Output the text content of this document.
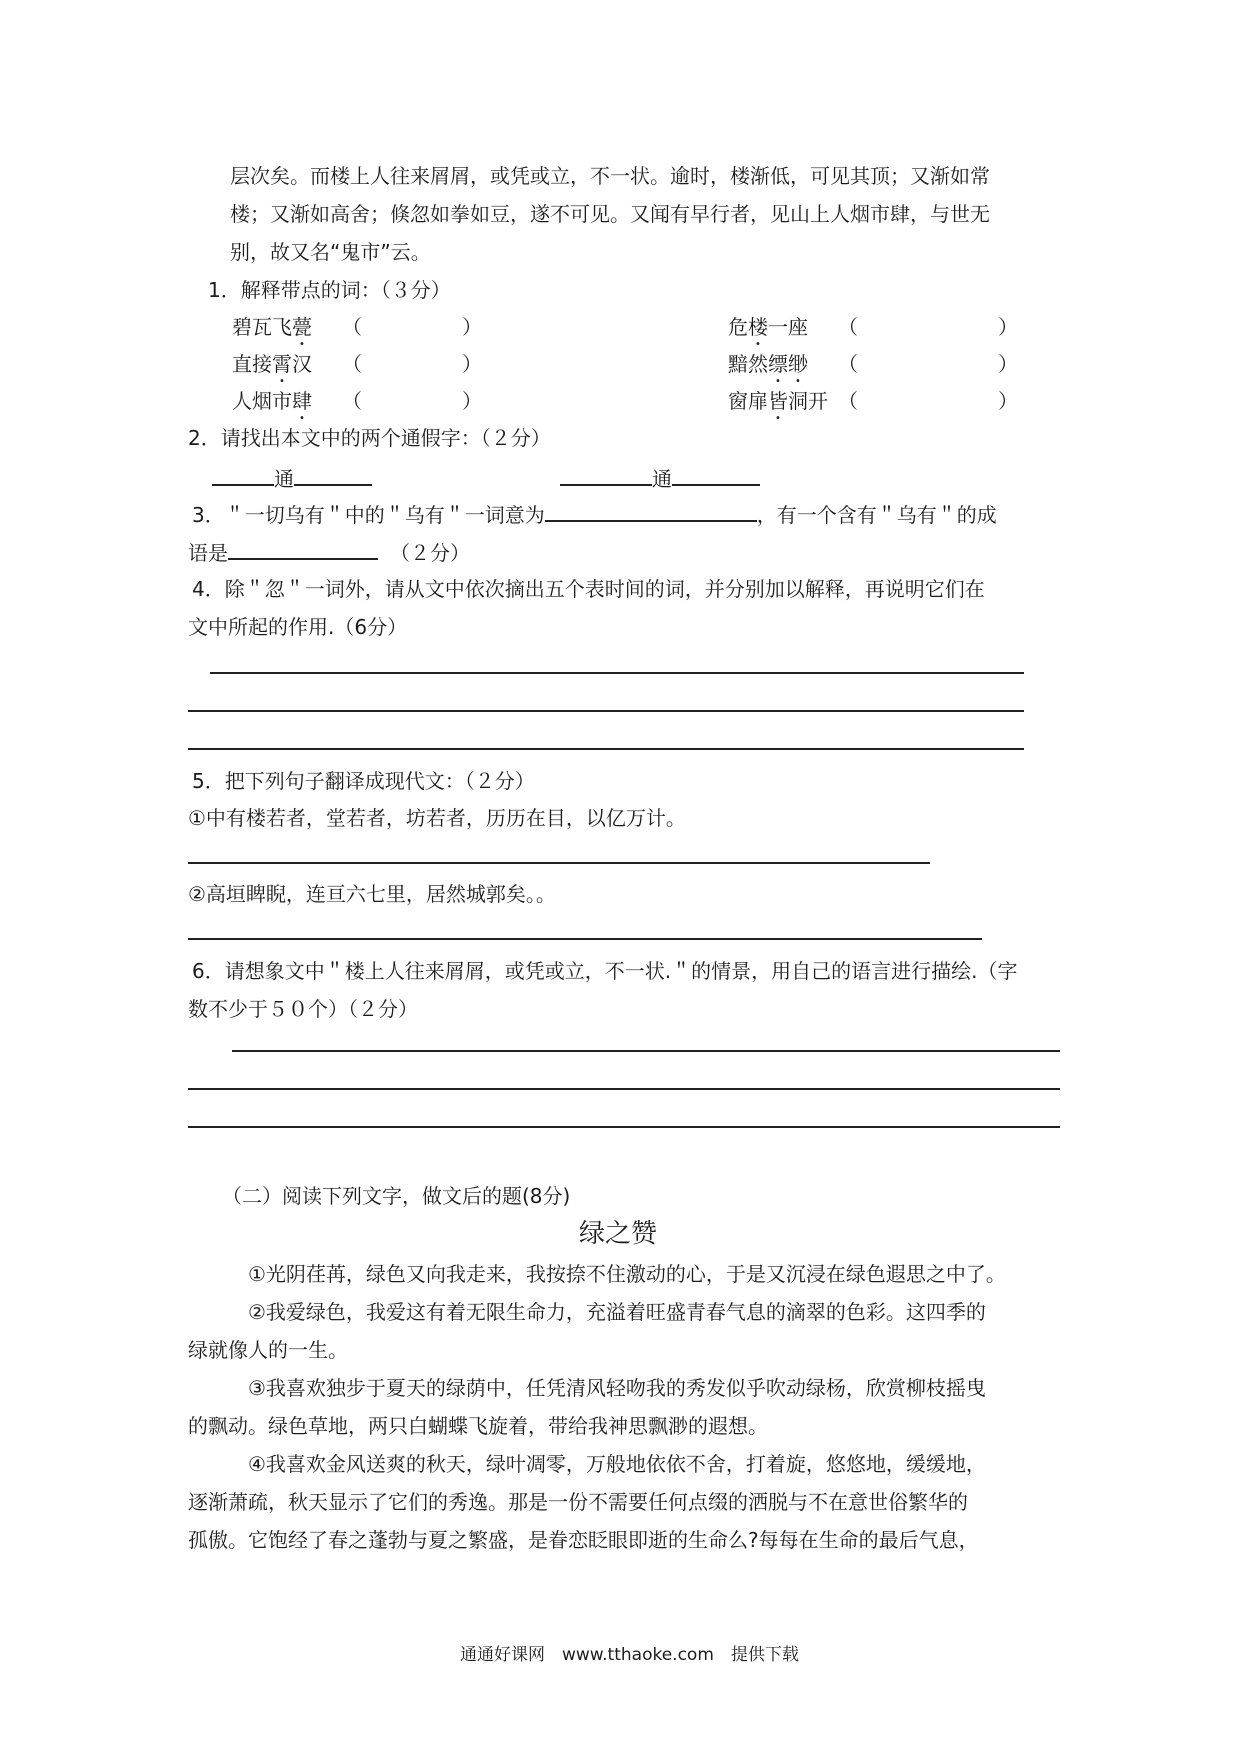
层次矣。而楼上人往来屑屑，或凭或立，不一状。逾时，楼渐低，可见其顶；又渐如常
楼；又渐如高舍；倏忽如拳如豆，遂不可见。又闻有早行者，见山上人烟市肆，与世无
别，故又名“鬼市”云。
1．解释带点的词：（３分）
碧瓦飞甍 （　　　　　）	危楼一座 （　　　　　　　）
直接霄汉 （　　　　　）	黯然缥缈 （　　　　　　　）
人烟市肆 （　　　　　）	窗扉皆洞开 （　　　　　　　）
2．请找出本文中的两个通假字：（２分）
通	通
3．＂一切乌有＂中的＂乌有＂一词意为	，有一个含有＂乌有＂的成
语是	（２分）
4．除＂忽＂一词外，请从文中依次摘出五个表时间的词，并分别加以解释，再说明它们在
文中所起的作用.（6分）
5．把下列句子翻译成现代文：（２分）
①中有楼若者，堂若者，坊若者，历历在目，以亿万计。
②高垣睥睨，连亘六七里，居然城郭矣。。
6．请想象文中＂楼上人往来屑屑，或凭或立，不一状.＂的情景，用自己的语言进行描绘.（字
数不少于５０个）（２分）
（二）阅读下列文字，做文后的题(8分)
绿之赞
①光阴荏苒，绿色又向我走来，我按捺不住激动的心，于是又沉浸在绿色遐思之中了。
②我爱绿色，我爱这有着无限生命力，充溢着旺盛青春气息的滴翠的色彩。这四季的
绿就像人的一生。
③我喜欢独步于夏天的绿荫中，任凭清风轻吻我的秀发似乎吹动绿杨，欣赏柳枝摇曳
的飘动。绿色草地，两只白蝴蝶飞旋着，带给我神思飘渺的遐想。
④我喜欢金风送爽的秋天，绿叶凋零，万般地依依不舍，打着旋，悠悠地，缓缓地，
逐渐萧疏，秋天显示了它们的秀逸。那是一份不需要任何点缀的洒脱与不在意世俗繁华的
孤傲。它饱经了春之蓬勃与夏之繁盛，是眷恋眨眼即逝的生命么?每每在生命的最后气息，
通通好课网　www.tthaoke.com　提供下载
